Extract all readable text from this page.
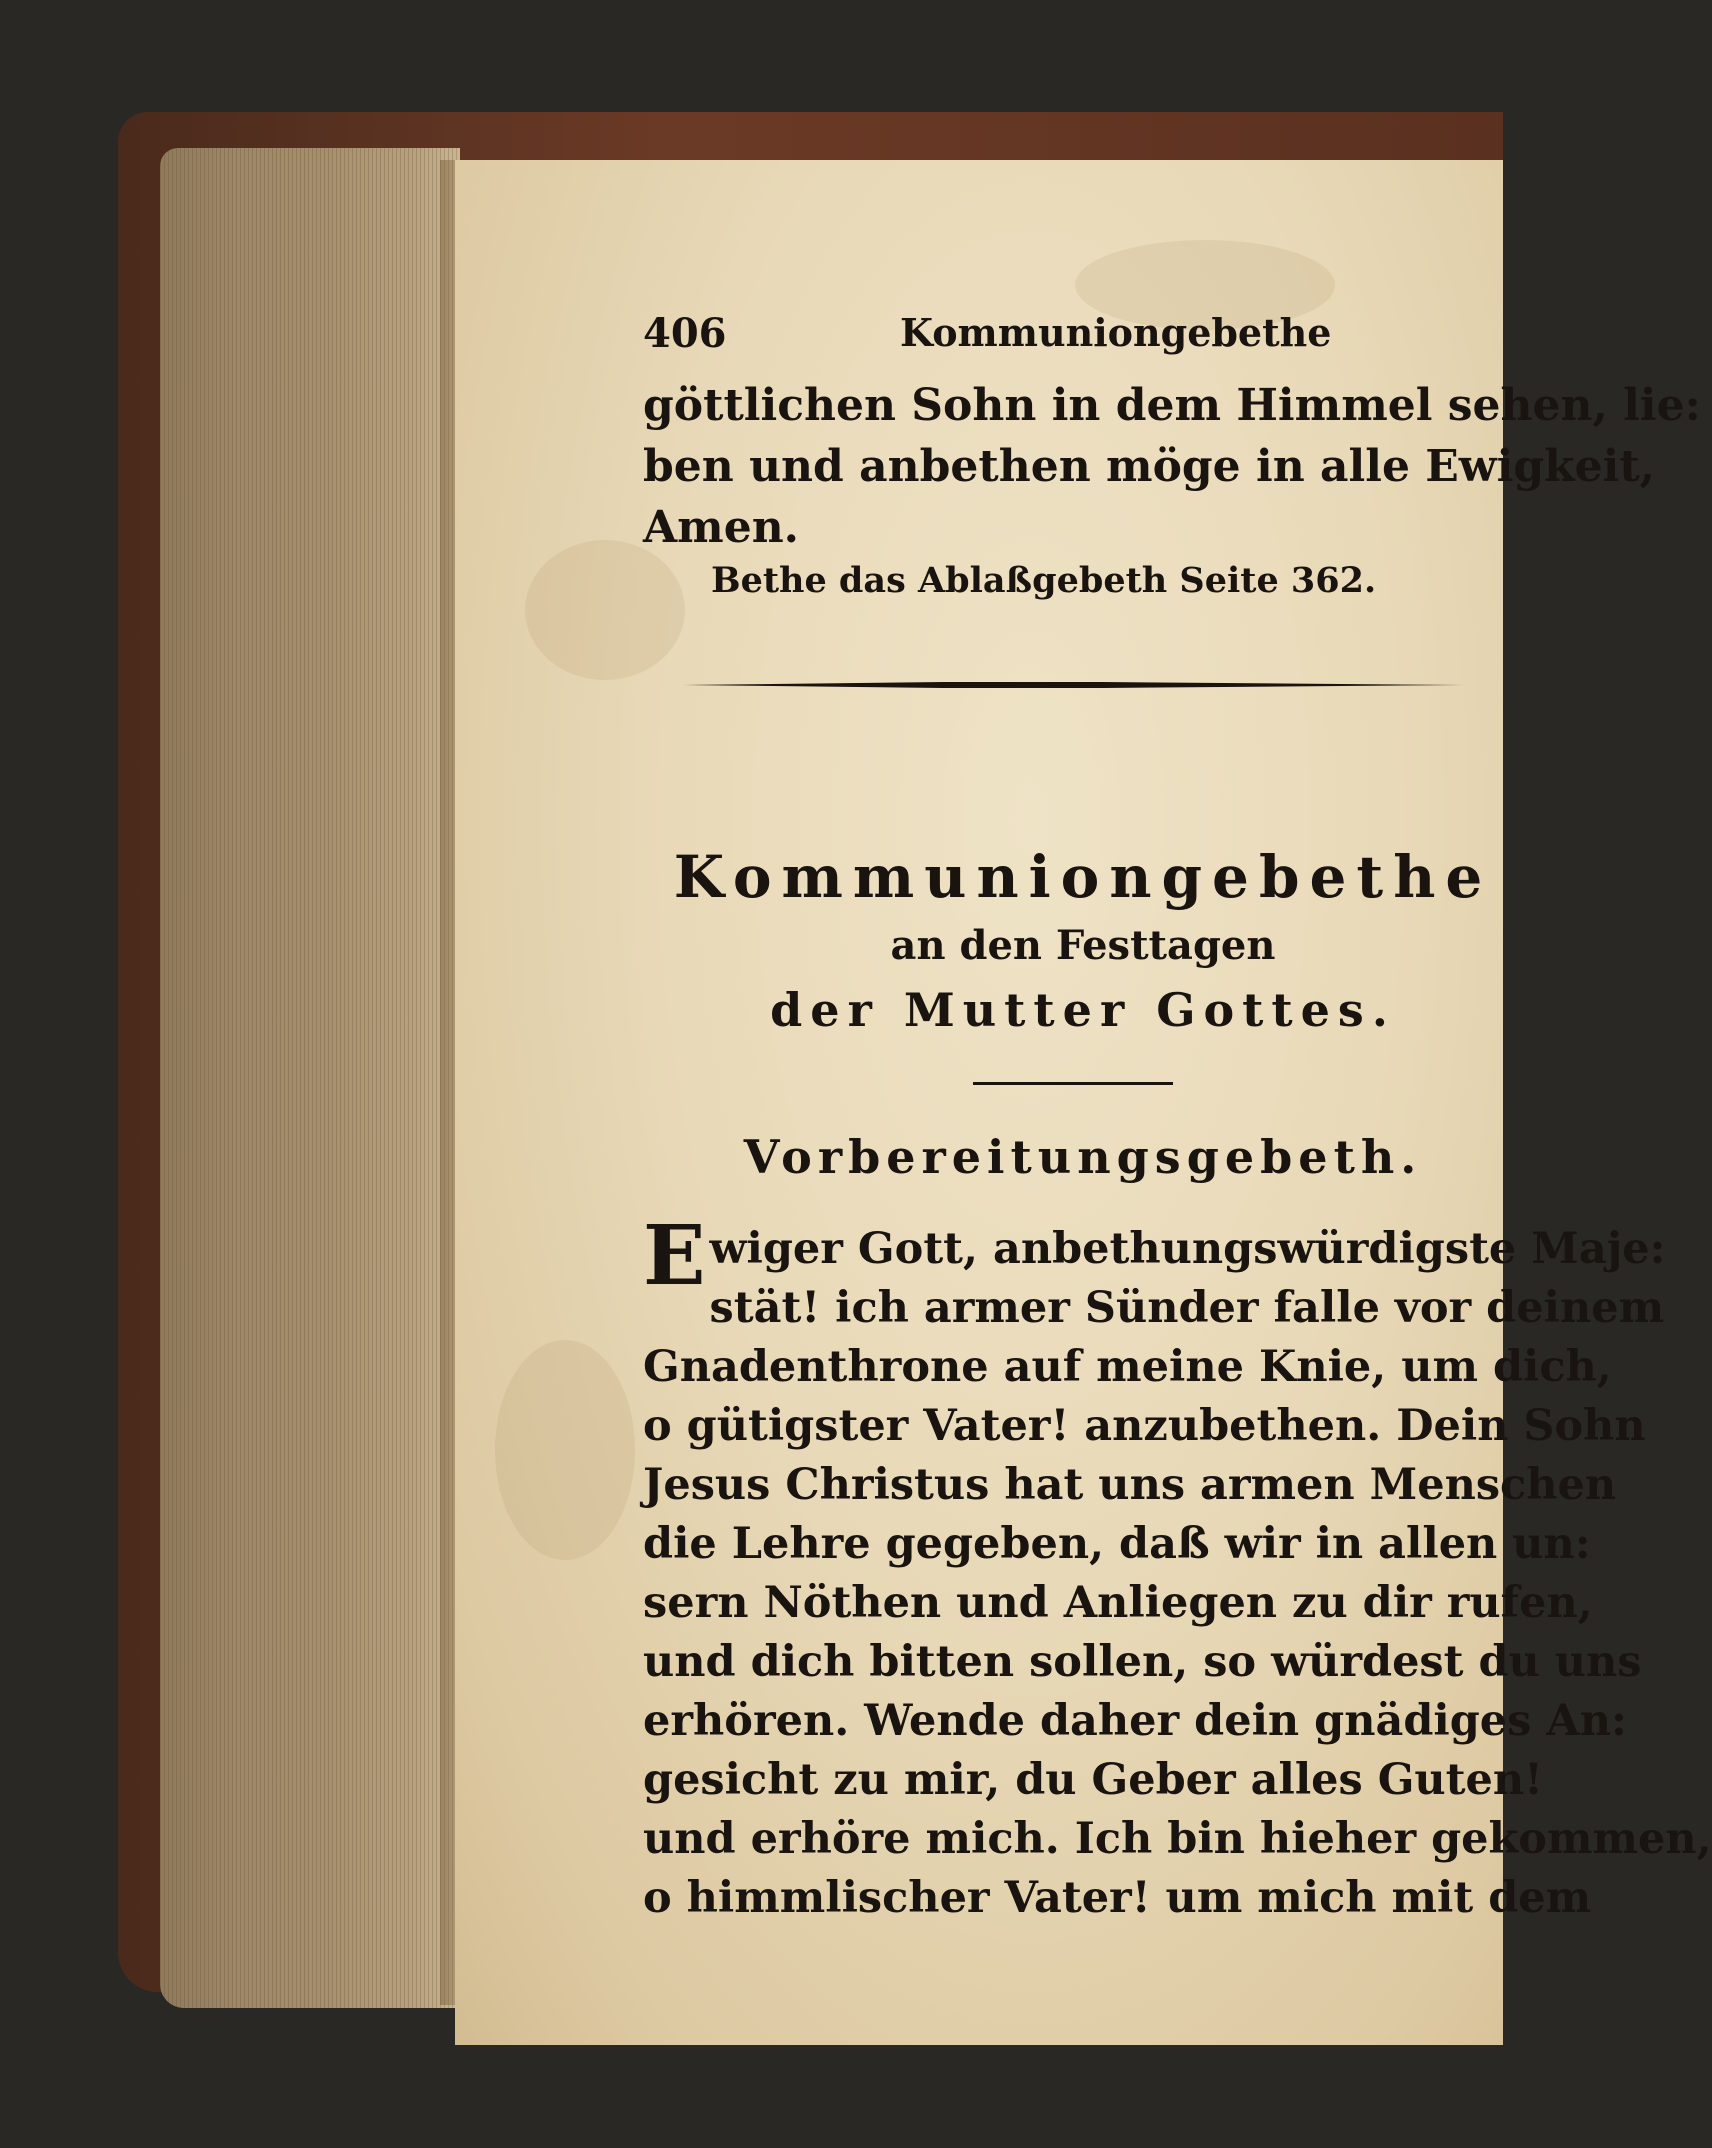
406	Kommuniongebethe
göttlichen Sohn in dem Himmel sehen, lie:
ben und anbethen möge in alle Ewigkeit,
Amen.
Bethe das Ablaßgebeth Seite 362.
Kommuniongebethe
an den Festtagen
der Mutter Gottes.
Vorbereitungsgebeth.
E wiger Gott, anbethungswürdigste Maje:
stät! ich armer Sünder falle vor deinem
Gnadenthrone auf meine Knie, um dich,
o gütigster Vater! anzubethen. Dein Sohn
Jesus Christus hat uns armen Menschen
die Lehre gegeben, daß wir in allen un:
sern Nöthen und Anliegen zu dir rufen,
und dich bitten sollen, so würdest du uns
erhören. Wende daher dein gnädiges An:
gesicht zu mir, du Geber alles Guten!
und erhöre mich. Ich bin hieher gekommen,
o himmlischer Vater! um mich mit dem
